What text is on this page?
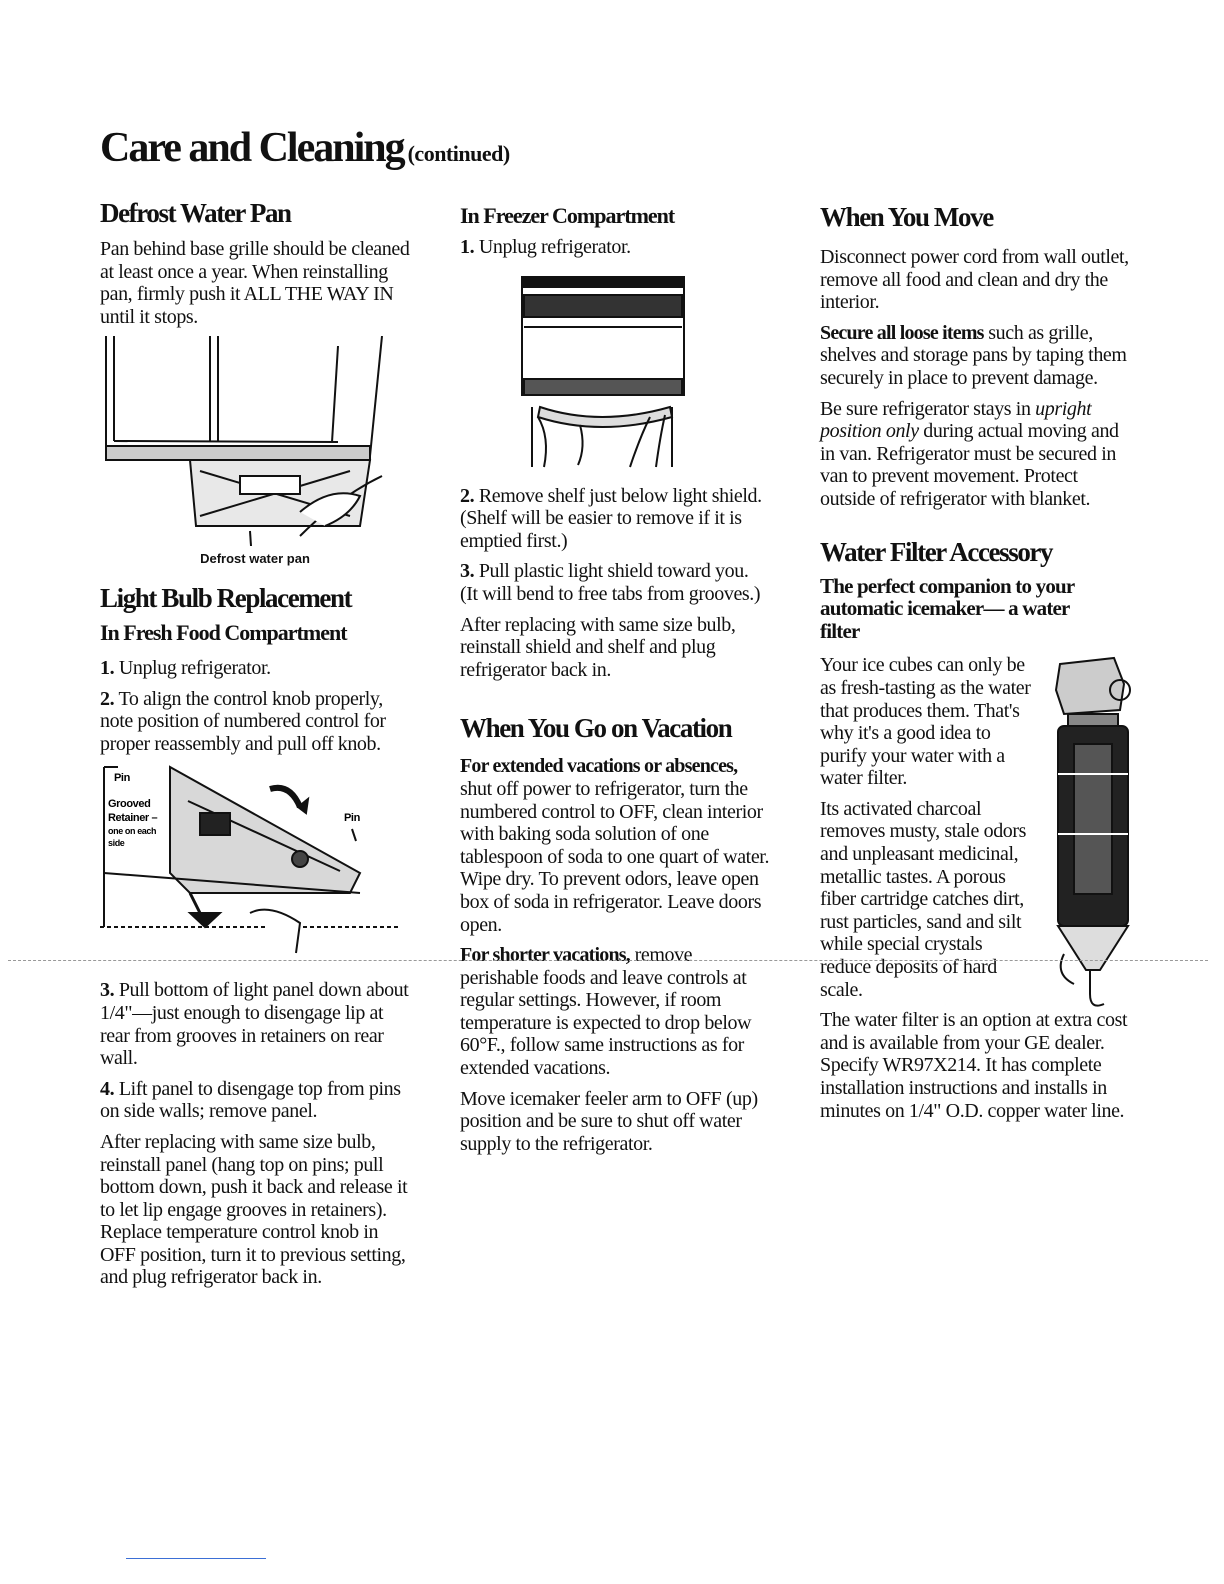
Care and Cleaning (continued)
Defrost Water Pan

Pan behind base grille should be cleaned at least once a year. When reinstalling pan, firmly push it ALL THE WAY IN until it stops.

Defrost water pan
Light Bulb Replacement
In Fresh Food Compartment

1. Unplug refrigerator.

2. To align the control knob properly, note position of numbered control for proper reassembly and pull off knob.

Pin
Grooved
Retainer –
one on each
side
Pin

3. Pull bottom of light panel down about 1/4"—just enough to disengage lip at rear from grooves in retainers on rear wall.

4. Lift panel to disengage top from pins on side walls; remove panel.

After replacing with same size bulb, reinstall panel (hang top on pins; pull bottom down, push it back and release it to let lip engage grooves in retainers). Replace temperature control knob in OFF position, turn it to previous setting, and plug refrigerator back in.

In Freezer Compartment

1. Unplug refrigerator.

2. Remove shelf just below light shield. (Shelf will be easier to remove if it is emptied first.)

3. Pull plastic light shield toward you. (It will bend to free tabs from grooves.)

After replacing with same size bulb, reinstall shield and shelf and plug refrigerator back in.

When You Go on Vacation

For extended vacations or absences, shut off power to refrigerator, turn the numbered control to OFF, clean interior with baking soda solution of one tablespoon of soda to one quart of water. Wipe dry. To prevent odors, leave open box of soda in refrigerator. Leave doors open.

For shorter vacations, remove perishable foods and leave controls at regular settings. However, if room temperature is expected to drop below 60°F., follow same instructions as for extended vacations.

Move icemaker feeler arm to OFF (up) position and be sure to shut off water supply to the refrigerator.

When You Move

Disconnect power cord from wall outlet, remove all food and clean and dry the interior.

Secure all loose items such as grille, shelves and storage pans by taping them securely in place to prevent damage.

Be sure refrigerator stays in upright position only during actual moving and in van. Refrigerator must be secured in van to prevent movement. Protect outside of refrigerator with blanket.

Water Filter Accessory
The perfect companion to your automatic icemaker— a water filter

Your ice cubes can only be as fresh-tasting as the water that produces them. That's why it's a good idea to purify your water with a water filter.

Its activated charcoal removes musty, stale odors and unpleasant medicinal, metallic tastes. A porous fiber cartridge catches dirt, rust particles, sand and silt while special crystals reduce deposits of hard scale.

The water filter is an option at extra cost and is available from your GE dealer. Specify WR97X214. It has complete installation instructions and installs in minutes on 1/4" O.D. copper water line.
